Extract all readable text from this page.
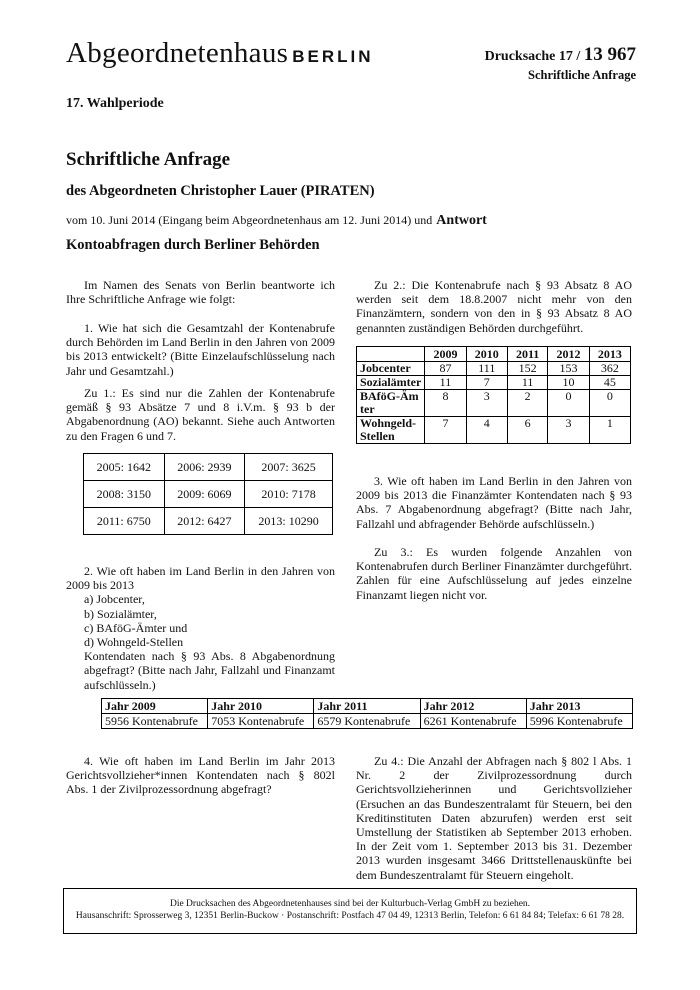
Abgeordnetenhaus BERLIN	Drucksache 17 / 13 967
Schriftliche Anfrage
17. Wahlperiode
Schriftliche Anfrage
des Abgeordneten Christopher Lauer (PIRATEN)
vom 10. Juni 2014 (Eingang beim Abgeordnetenhaus am 12. Juni 2014) und Antwort
Kontoabfragen durch Berliner Behörden

Im Namen des Senats von Berlin beantworte ich Ihre Schriftliche Anfrage wie folgt:

1. Wie hat sich die Gesamtzahl der Kontenabrufe durch Behörden im Land Berlin in den Jahren von 2009 bis 2013 entwickelt? (Bitte Einzelaufschlüsselung nach Jahr und Gesamtzahl.)

Zu 1.: Es sind nur die Zahlen der Kontenabrufe gemäß § 93 Absätze 7 und 8 i.V.m. § 93 b der Abgabenordnung (AO) bekannt. Siehe auch Antworten zu den Fragen 6 und 7.

2005: 1642	2006: 2939	2007: 3625
2008: 3150	2009: 6069	2010: 7178
2011: 6750	2012: 6427	2013: 10290

2. Wie oft haben im Land Berlin in den Jahren von 2009 bis 2013

a) Jobcenter,
b) Sozialämter,
c) BAföG-Ämter und
d) Wohngeld-Stellen

Kontendaten nach § 93 Abs. 8 Abgabenordnung abgefragt? (Bitte nach Jahr, Fallzahl und Finanzamt aufschlüsseln.)

4. Wie oft haben im Land Berlin im Jahr 2013 Gerichtsvollzieher*innen Kontendaten nach § 802l Abs. 1 der Zivilprozessordnung abgefragt?

Zu 2.: Die Kontenabrufe nach § 93 Absatz 8 AO werden seit dem 18.8.2007 nicht mehr von den Finanzämtern, sondern von den in § 93 Absatz 8 AO genannten zuständigen Behörden durchgeführt.

	2009	2010	2011	2012	2013
Jobcenter	87	111	152	153	362
Sozialämter	11	7	11	10	45
BAföG-Ämter	8	3	2	0	0
Wohngeld-Stellen	7	4	6	3	1

3. Wie oft haben im Land Berlin in den Jahren von 2009 bis 2013 die Finanzämter Kontendaten nach § 93 Abs. 7 Abgabenordnung abgefragt? (Bitte nach Jahr, Fallzahl und abfragender Behörde aufschlüsseln.)

Zu 3.: Es wurden folgende Anzahlen von Kontenabrufen durch Berliner Finanzämter durchgeführt. Zahlen für eine Aufschlüsselung auf jedes einzelne Finanzamt liegen nicht vor.

Jahr 2009	Jahr 2010	Jahr 2011	Jahr 2012	Jahr 2013
5956 Kontenabrufe	7053 Kontenabrufe	6579 Kontenabrufe	6261 Kontenabrufe	5996 Kontenabrufe

Zu 4.: Die Anzahl der Abfragen nach § 802 l Abs. 1 Nr. 2 der Zivilprozessordnung durch Gerichtsvollzieherinnen und Gerichtsvollzieher (Ersuchen an das Bundeszentralamt für Steuern, bei den Kreditinstituten Daten abzurufen) werden erst seit Umstellung der Statistiken ab September 2013 erhoben. In der Zeit vom 1. September 2013 bis 31. Dezember 2013 wurden insgesamt 3466 Drittstellenauskünfte bei dem Bundeszentralamt für Steuern eingeholt.

Die Drucksachen des Abgeordnetenhauses sind bei der Kulturbuch-Verlag GmbH zu beziehen.
Hausanschrift: Sprosserweg 3, 12351 Berlin-Buckow · Postanschrift: Postfach 47 04 49, 12313 Berlin, Telefon: 6 61 84 84; Telefax: 6 61 78 28.
